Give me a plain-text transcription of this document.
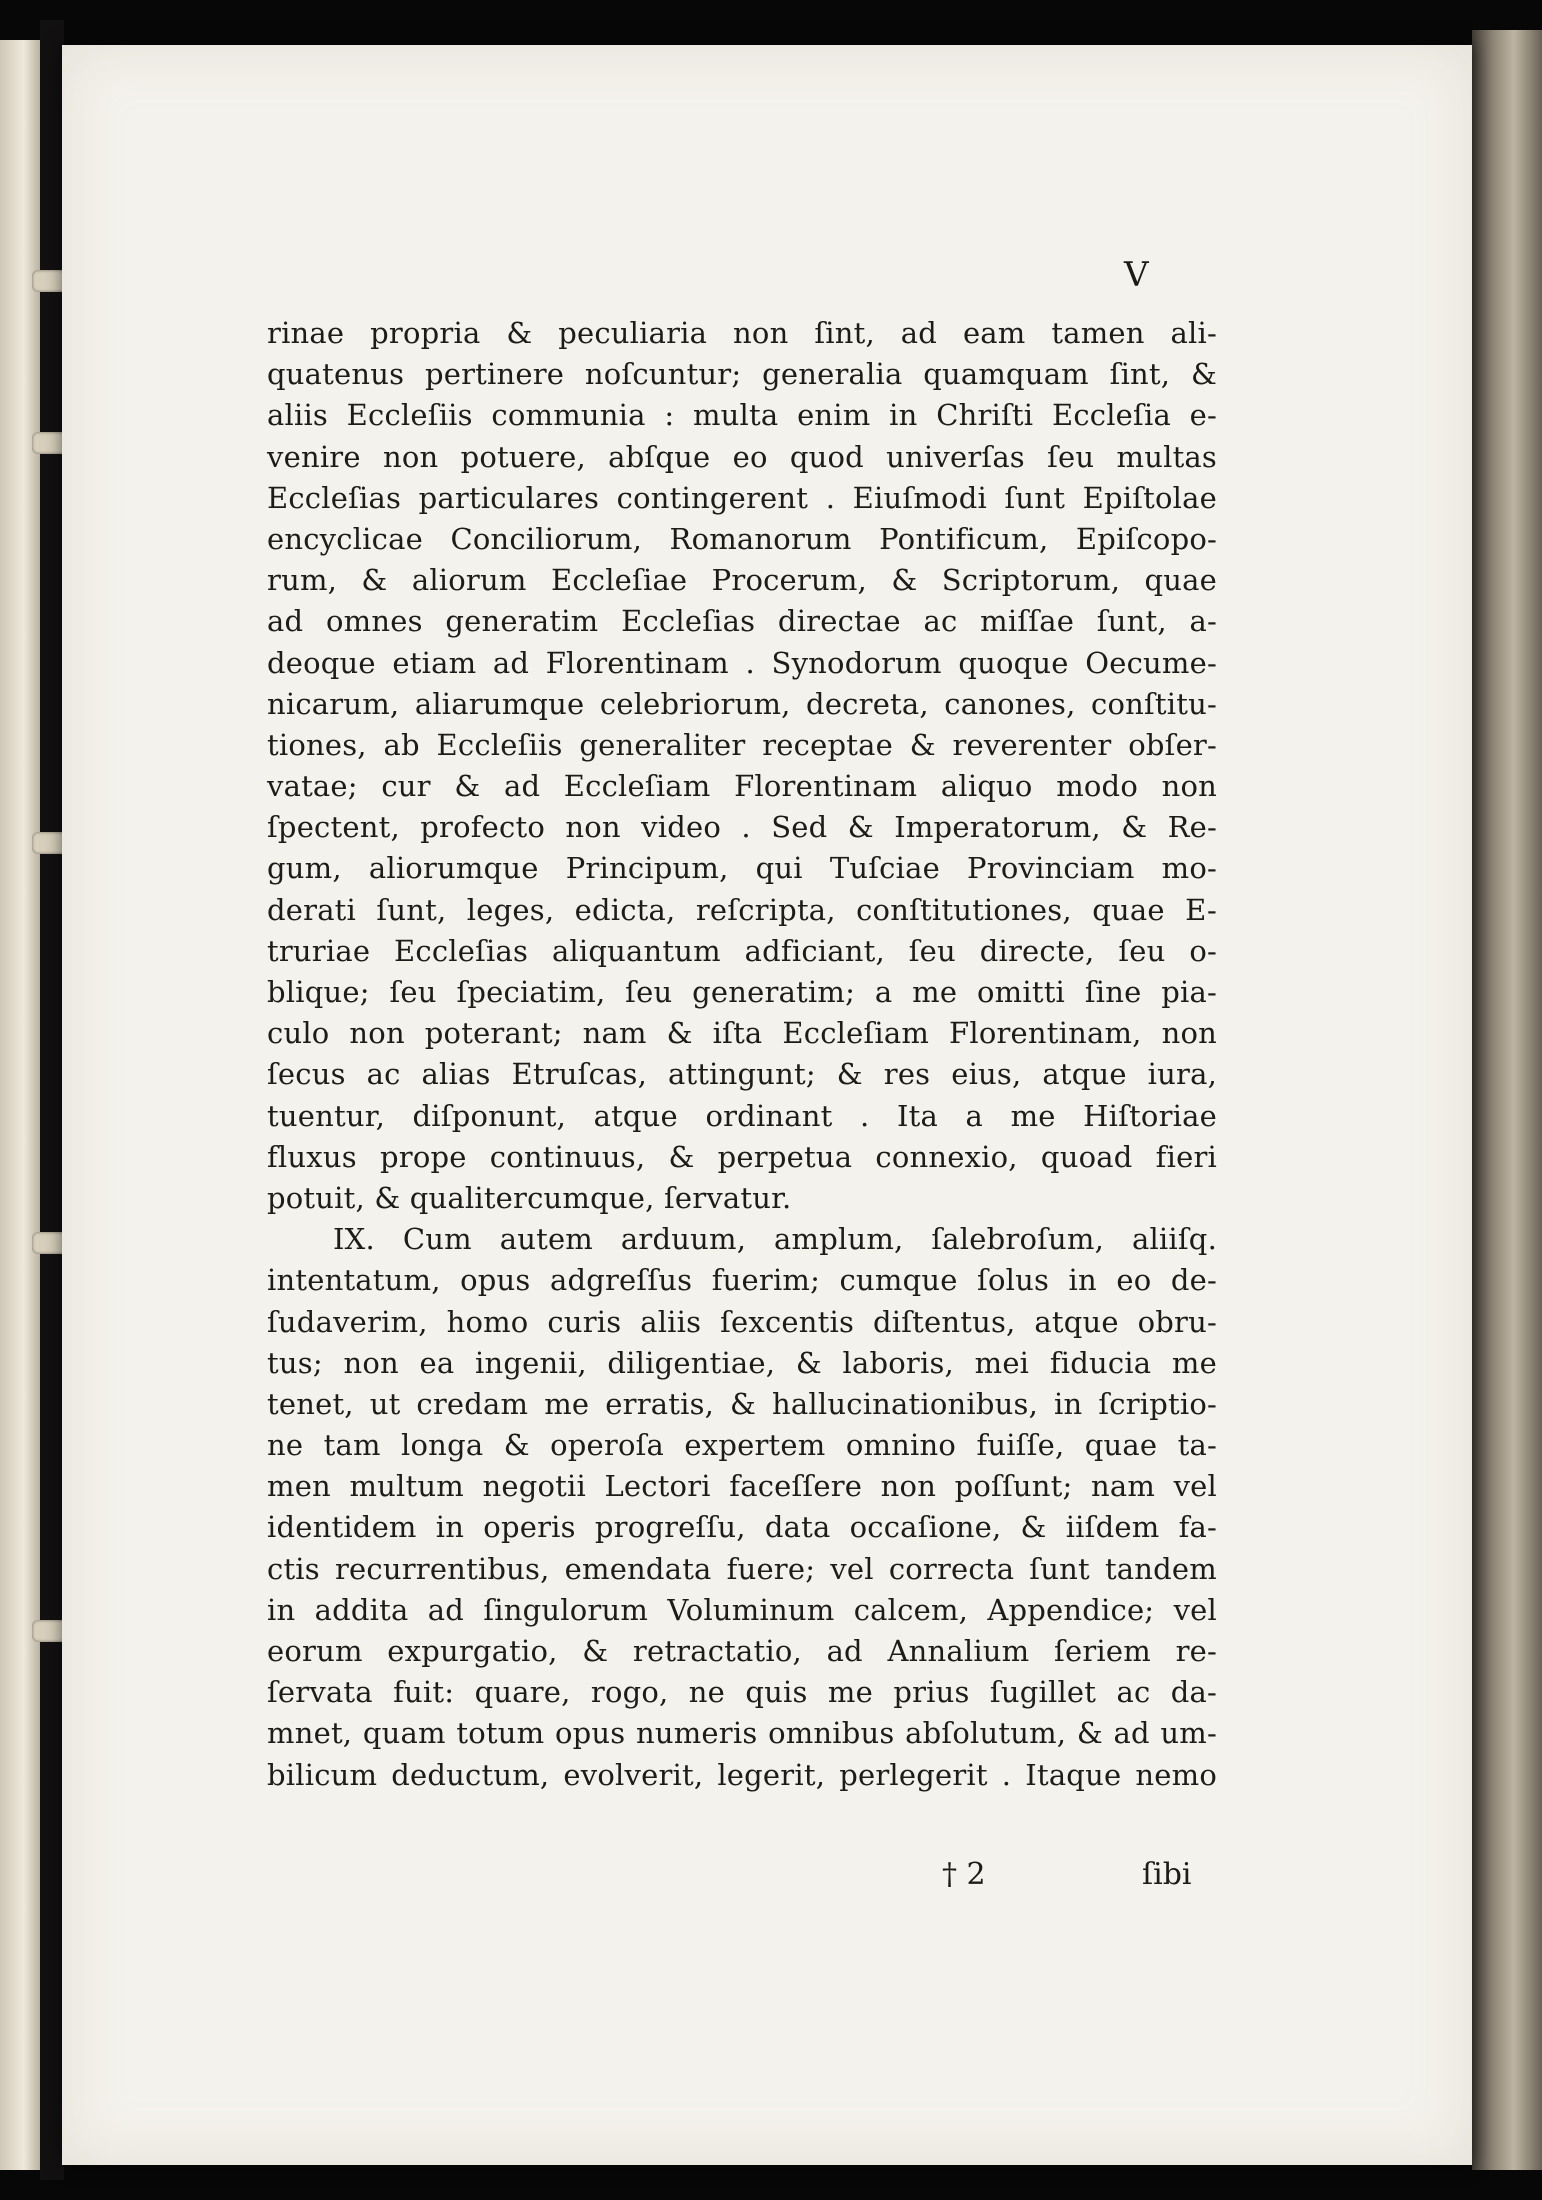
V
rinae propria & peculiaria non ſint, ad eam tamen ali-
quatenus pertinere noſcuntur; generalia quamquam ſint, &
aliis Eccleſiis communia : multa enim in Chriſti Eccleſia e-
venire non potuere, abſque eo quod univerſas ſeu multas
Eccleſias particulares contingerent . Eiuſmodi ſunt Epiſtolae
encyclicae Conciliorum, Romanorum Pontificum, Epiſcopo-
rum, & aliorum Eccleſiae Procerum, & Scriptorum, quae
ad omnes generatim Eccleſias directae ac miſſae ſunt, a-
deoque etiam ad Florentinam . Synodorum quoque Oecume-
nicarum, aliarumque celebriorum, decreta, canones, conſtitu-
tiones, ab Eccleſiis generaliter receptae & reverenter obſer-
vatae; cur & ad Eccleſiam Florentinam aliquo modo non
ſpectent, profecto non video . Sed & Imperatorum, & Re-
gum, aliorumque Principum, qui Tuſciae Provinciam mo-
derati ſunt, leges, edicta, reſcripta, conſtitutiones, quae E-
truriae Eccleſias aliquantum adficiant, ſeu directe, ſeu o-
blique; ſeu ſpeciatim, ſeu generatim; a me omitti ſine pia-
culo non poterant; nam & iſta Eccleſiam Florentinam, non
ſecus ac alias Etruſcas, attingunt; & res eius, atque iura,
tuentur, diſponunt, atque ordinant . Ita a me Hiſtoriae
fluxus prope continuus, & perpetua connexio, quoad fieri
potuit, & qualitercumque, ſervatur.
IX. Cum autem arduum, amplum, ſalebroſum, aliiſq.
intentatum, opus adgreſſus fuerim; cumque ſolus in eo de-
ſudaverim, homo curis aliis ſexcentis diſtentus, atque obru-
tus; non ea ingenii, diligentiae, & laboris, mei fiducia me
tenet, ut credam me erratis, & hallucinationibus, in ſcriptio-
ne tam longa & operoſa expertem omnino fuiſſe, quae ta-
men multum negotii Lectori faceſſere non poſſunt; nam vel
identidem in operis progreſſu, data occaſione, & iiſdem fa-
ctis recurrentibus, emendata fuere; vel correcta ſunt tandem
in addita ad ſingulorum Voluminum calcem, Appendice; vel
eorum expurgatio, & retractatio, ad Annalium ſeriem re-
ſervata fuit: quare, rogo, ne quis me prius ſugillet ac da-
mnet, quam totum opus numeris omnibus abſolutum, & ad um-
bilicum deductum, evolverit, legerit, perlegerit . Itaque nemo
† 2	ſibi
